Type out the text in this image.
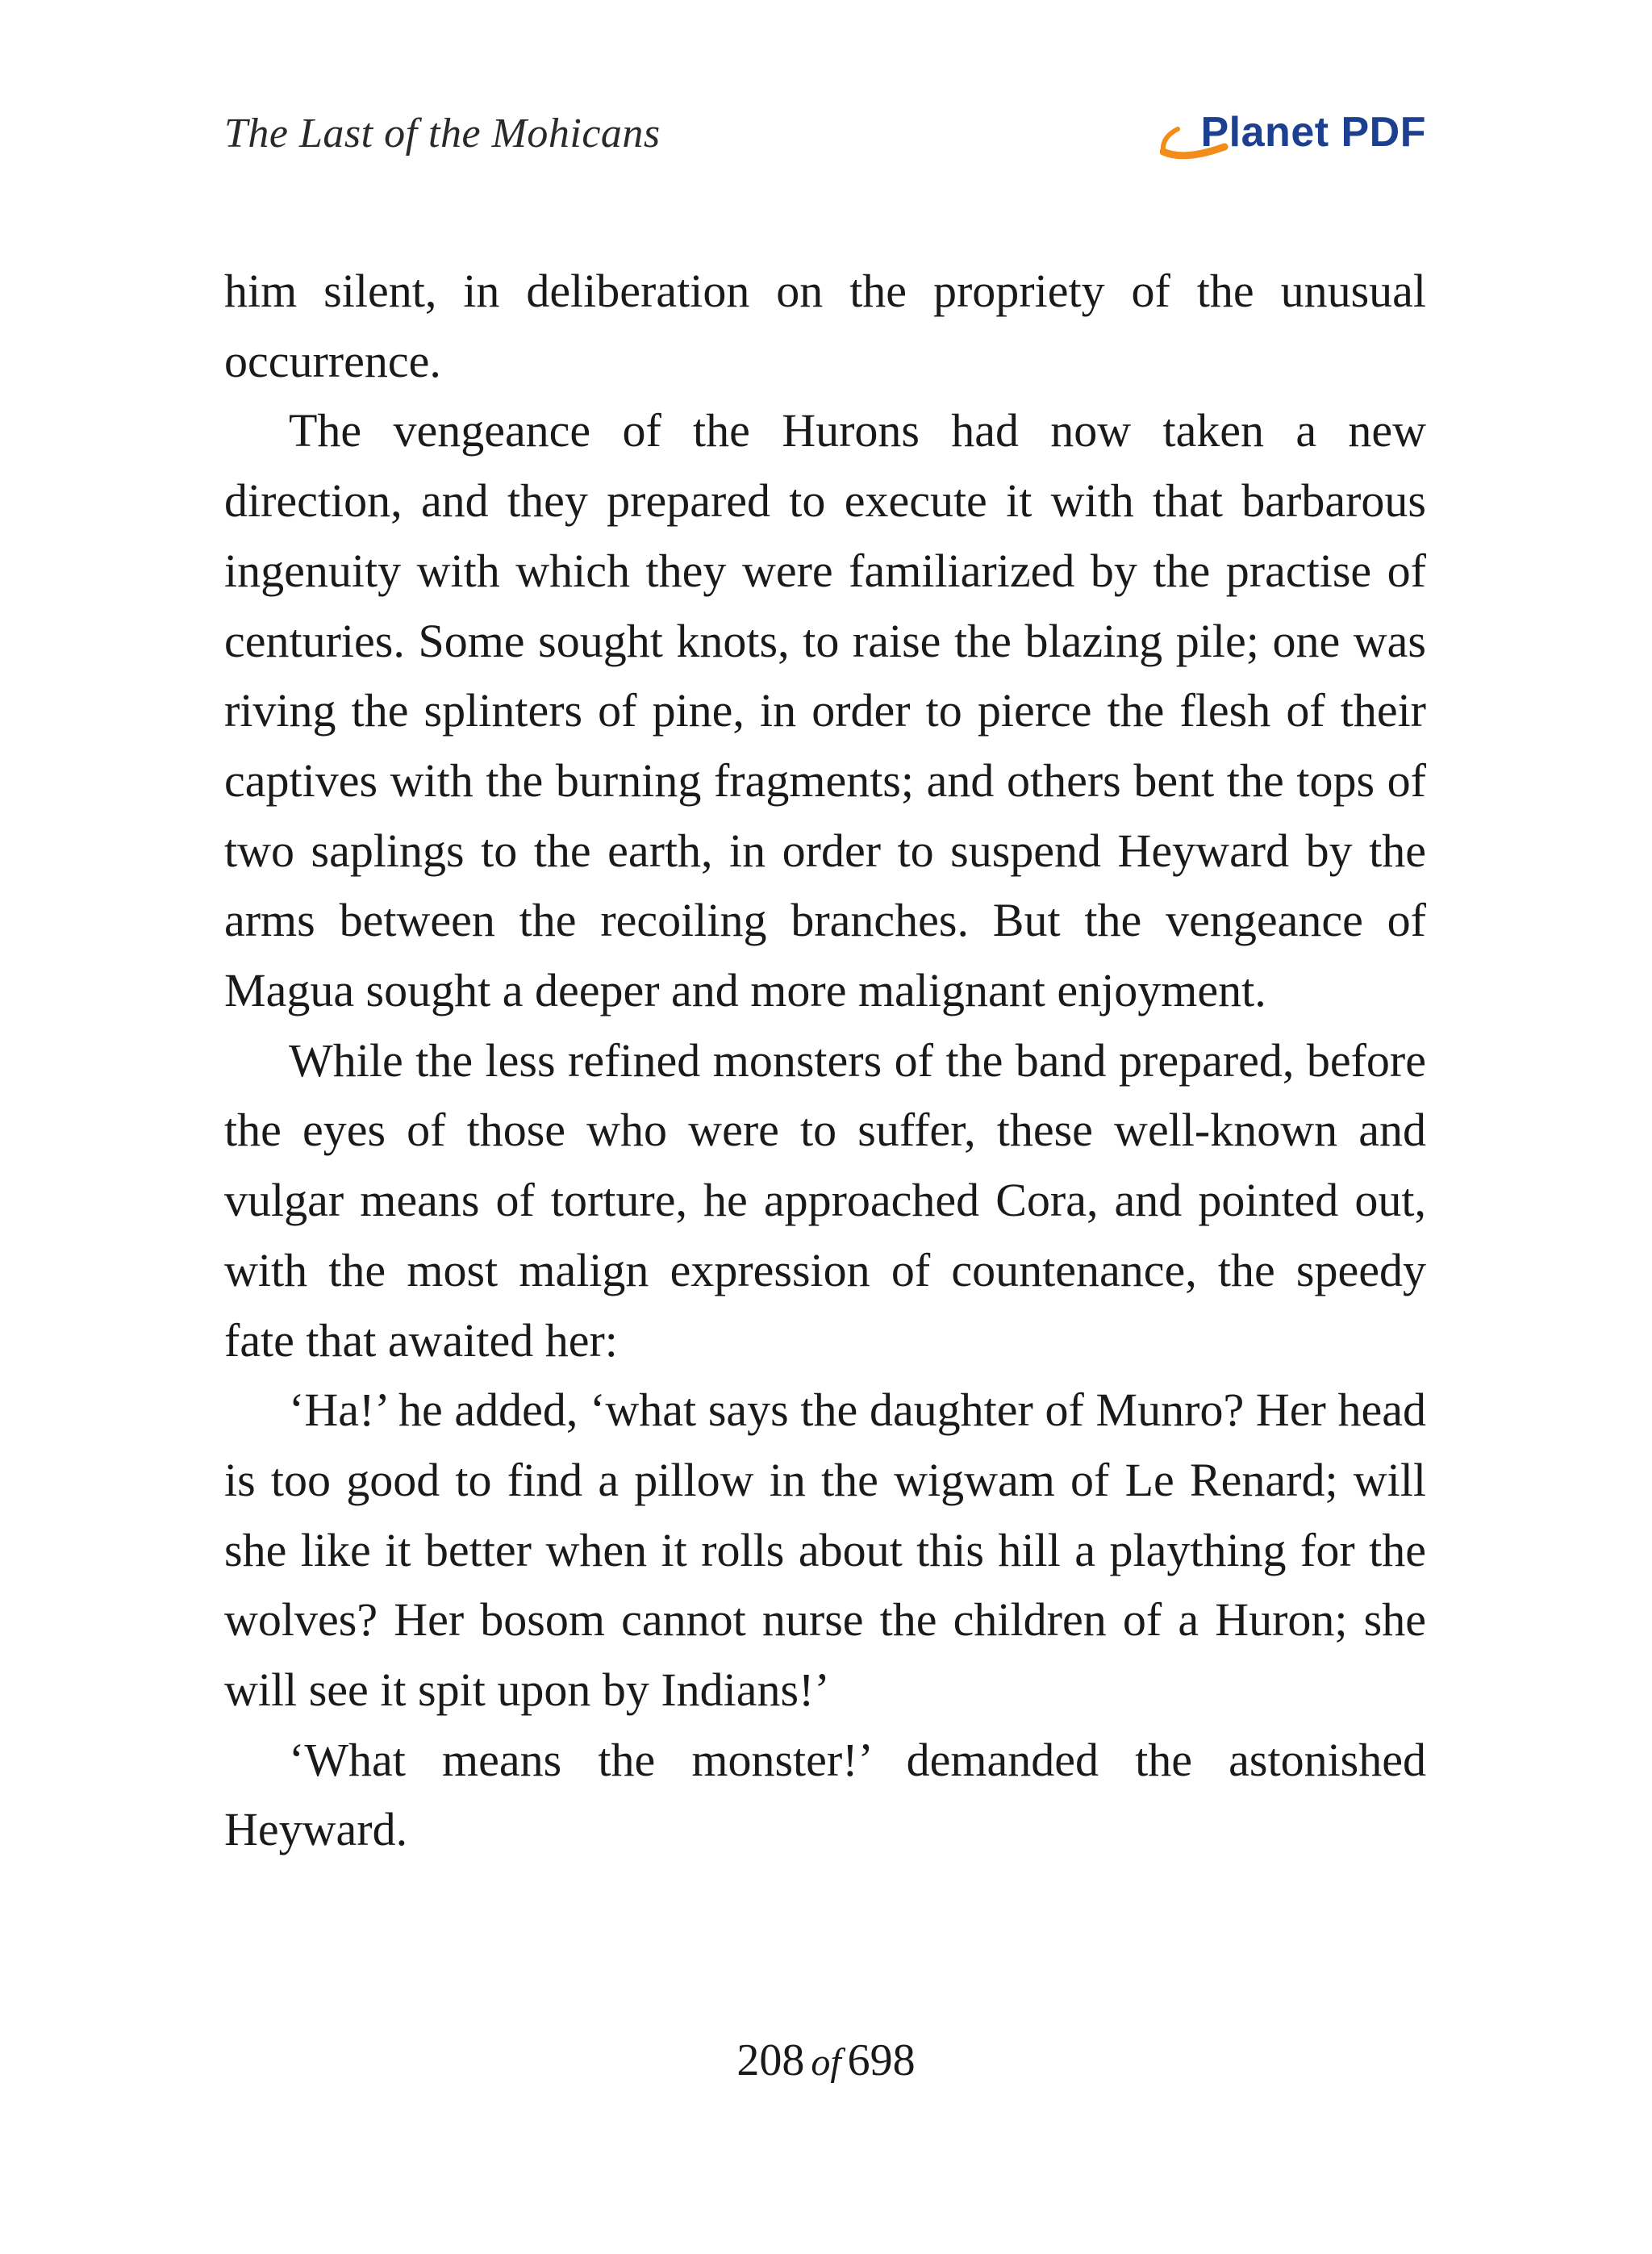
The Last of the Mohicans	Planet PDF

him silent, in deliberation on the propriety of the unusual occurrence.

The vengeance of the Hurons had now taken a new direction, and they prepared to execute it with that barbarous ingenuity with which they were familiarized by the practise of centuries. Some sought knots, to raise the blazing pile; one was riving the splinters of pine, in order to pierce the flesh of their captives with the burning fragments; and others bent the tops of two saplings to the earth, in order to suspend Heyward by the arms between the recoiling branches. But the vengeance of Magua sought a deeper and more malignant enjoyment.

While the less refined monsters of the band prepared, before the eyes of those who were to suffer, these well-known and vulgar means of torture, he approached Cora, and pointed out, with the most malign expression of countenance, the speedy fate that awaited her:

‘Ha!’ he added, ‘what says the daughter of Munro? Her head is too good to find a pillow in the wigwam of Le Renard; will she like it better when it rolls about this hill a plaything for the wolves? Her bosom cannot nurse the children of a Huron; she will see it spit upon by Indians!’

‘What means the monster!’ demanded the astonished Heyward.

208 of 698
